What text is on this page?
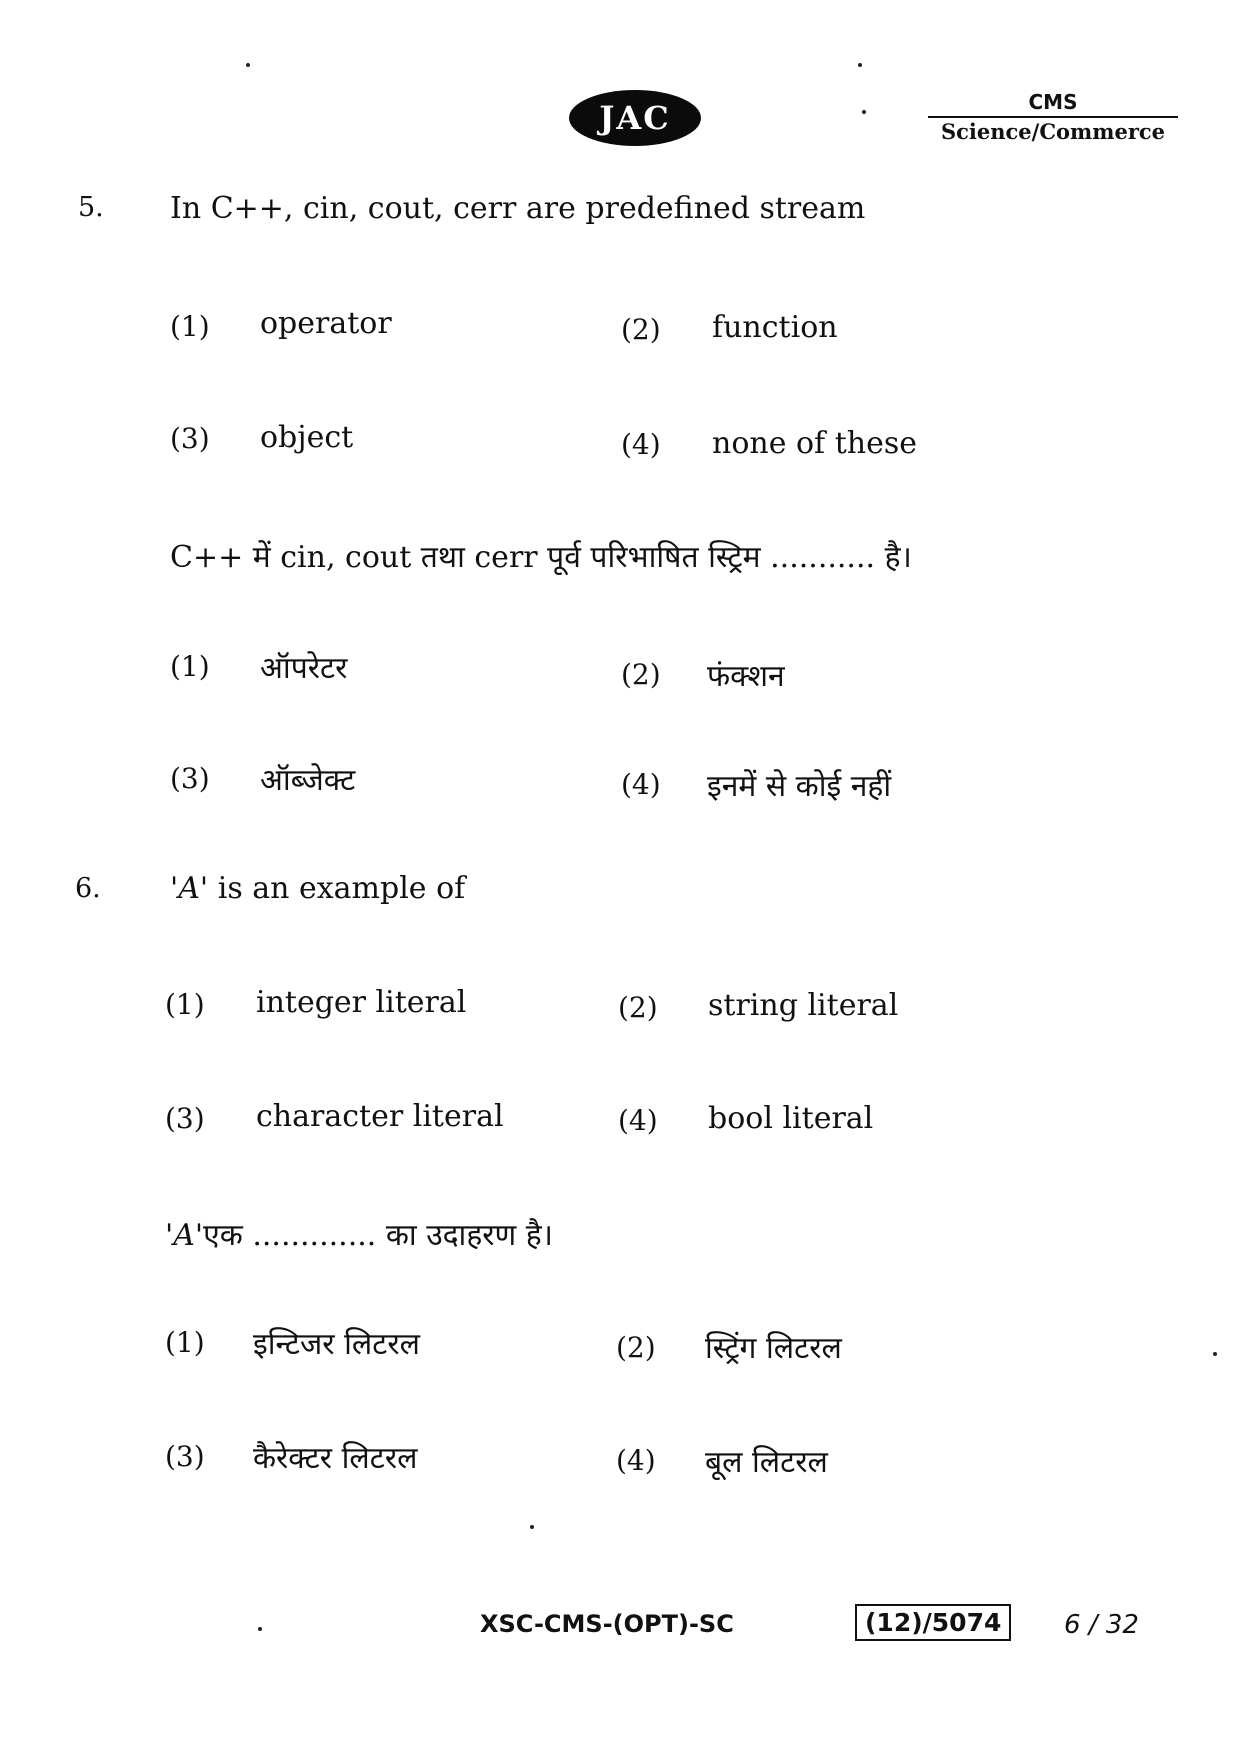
JAC	CMS
Science/Commerce
5. In C++, cin, cout, cerr are predefined stream
(1) operator	(2) function
(3) object	(4) none of these
C++ में cin, cout तथा cerr पूर्व परिभाषित स्ट्रिम ........... है।
(1) ऑपरेटर	(2) फंक्शन
(3) ऑब्जेक्ट	(4) इनमें से कोई नहीं
6. 'A' is an example of
(1) integer literal	(2) string literal
(3) character literal	(4) bool literal
'A'एक ............. का उदाहरण है।
(1) इन्टिजर लिटरल	(2) स्ट्रिंग लिटरल
(3) कैरेक्टर लिटरल	(4) बूल लिटरल
XSC-CMS-(OPT)-SC	(12)/5074	6 / 32
